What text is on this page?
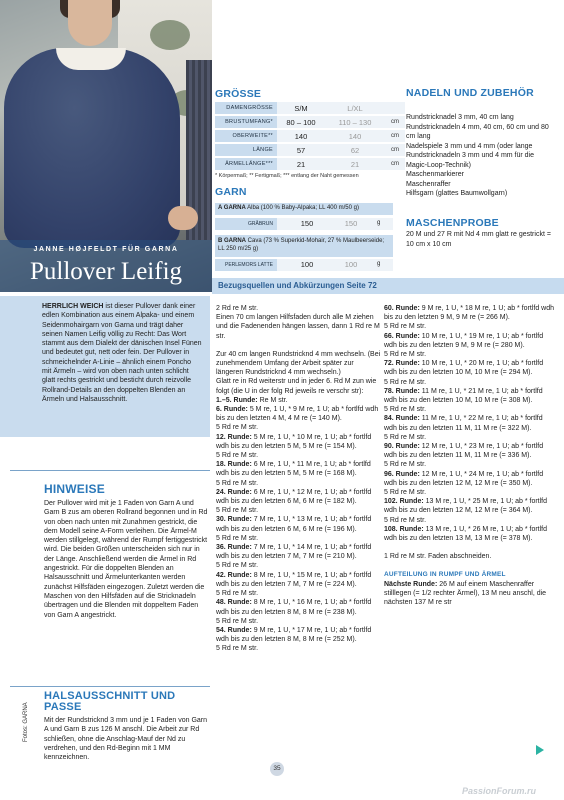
JANNE HØJFELDT FÜR GARNA
Pullover Leifig
GRÖSSE
DAMENGRÖSSE	S/M	L/XL	
BRUSTUMFANG*	80 – 100	110 – 130	cm
OBERWEITE**	140	140	cm
LÄNGE	57	62	cm
ÄRMELLÄNGE***	21	21	cm
* Körpermaß; ** Fertigmaß; *** entlang der Naht gemessen
GARN
A GARNA Alba (100 % Baby-Alpaka; LL 400 m/50 g)
GRÅBRUN	150	150	g
B GARNA Cava (73 % Superkid-Mohair, 27 % Maulbeerseide; LL 250 m/25 g)
PERLEMORS LATTE	100	100	g
Bezugsquellen und Abkürzungen Seite 72
NADELN UND ZUBEHÖR
Rundstricknadel 3 mm, 40 cm lang
Rundstricknadeln 4 mm, 40 cm, 60 cm und 80 cm lang
Nadelspiele 3 mm und 4 mm (oder lange Rundstricknadeln 3 mm und 4 mm für die Magic-Loop-Technik)
Maschenmarkierer
Maschenraffer
Hilfsgarn (glattes Baumwollgarn)
MASCHENPROBE
20 M und 27 R mit Nd 4 mm glatt re gestrickt = 10 cm x 10 cm
HERRLICH WEICH ist dieser Pullover dank einer edlen Kombination aus einem Alpaka- und einem Seidenmohairgarn von Garna und trägt daher seinen Namen Leifig völlig zu Recht: Das Wort stammt aus dem Dialekt der dänischen Insel Fünen und bedeutet gut, nett oder fein. Der Pullover in schmeichelnder A-Linie – ähnlich einem Poncho mit Ärmeln – wird von oben nach unten schlicht glatt rechts gestrickt und besticht durch reizvolle Rollrand-Details an den doppelten Blenden an Ärmeln und Halsausschnitt.
HINWEISE
Der Pullover wird mit je 1 Faden von Garn A und Garn B zus am oberen Rollrand begonnen und in Rd von oben nach unten mit Zunahmen gestrickt, die dem Modell seine A-Form verleihen. Die Ärmel-M werden stillgelegt, während der Rumpf fertiggestrickt wird. Die beiden Größen unterscheiden sich nur in der Länge. Anschließend werden die Ärmel in Rd angestrickt. Für die doppelten Blenden an Halsausschnitt und Ärmelunterkanten werden zunächst Hilfsfäden eingezogen. Zuletzt werden die Maschen von den Hilfsfäden auf die Stricknadeln übertragen und die Blenden mit doppeltem Faden von Garn A angestrickt.
HALSAUSSCHNITT UND PASSE
Mit der Rundstricknd 3 mm und je 1 Faden von Garn A und Garn B zus 126 M anschl. Die Arbeit zur Rd schließen, ohne die Anschlag-Mauf der Nd zu verdrehen, und den Rd-Beginn mit 1 MM kennzeichnen.
Fotos: GARNA

2 Rd re M str.

Einen 70 cm langen Hilfsfaden durch alle M ziehen und die Fadenenden hängen lassen, dann 1 Rd re M str.

Zur 40 cm langen Rundstricknd 4 mm wechseln. (Bei zunehmendem Umfang der Arbeit später zur längeren Rundstricknd 4 mm wechseln.)

Glatt re in Rd weiterstr und in jeder 6. Rd M zun wie folgt (die U in der folg Rd jeweils re verschr str):

1.–5. Runde: Re M str.

6. Runde: 5 M re, 1 U, * 9 M re, 1 U; ab * fortlfd wdh bis zu den letzten 4 M, 4 M re (= 140 M).

5 Rd re M str.

12. Runde: 5 M re, 1 U, * 10 M re, 1 U; ab * fortlfd wdh bis zu den letzten 5 M, 5 M re (= 154 M).

5 Rd re M str.

18. Runde: 6 M re, 1 U, * 11 M re, 1 U; ab * fortlfd wdh bis zu den letzten 5 M, 5 M re (= 168 M).

5 Rd re M str.

24. Runde: 6 M re, 1 U, * 12 M re, 1 U; ab * fortlfd wdh bis zu den letzten 6 M, 6 M re (= 182 M).

5 Rd re M str.

30. Runde: 7 M re, 1 U, * 13 M re, 1 U; ab * fortlfd wdh bis zu den letzten 6 M, 6 M re (= 196 M).

5 Rd re M str.

36. Runde: 7 M re, 1 U, * 14 M re, 1 U; ab * fortlfd wdh bis zu den letzten 7 M, 7 M re (= 210 M).

5 Rd re M str.

42. Runde: 8 M re, 1 U, * 15 M re, 1 U; ab * fortlfd wdh bis zu den letzten 7 M, 7 M re (= 224 M).

5 Rd re M str.

48. Runde: 8 M re, 1 U, * 16 M re, 1 U; ab * fortlfd wdh bis zu den letzten 8 M, 8 M re (= 238 M).

5 Rd re M str.

54. Runde: 9 M re, 1 U, * 17 M re, 1 U; ab * fortlfd wdh bis zu den letzten 8 M, 8 M re (= 252 M).

5 Rd re M str.

60. Runde: 9 M re, 1 U, * 18 M re, 1 U; ab * fortlfd wdh bis zu den letzten 9 M, 9 M re (= 266 M).

5 Rd re M str.

66. Runde: 10 M re, 1 U, * 19 M re, 1 U; ab * fortlfd wdh bis zu den letzten 9 M, 9 M re (= 280 M).

5 Rd re M str.

72. Runde: 10 M re, 1 U, * 20 M re, 1 U; ab * fortlfd wdh bis zu den letzten 10 M, 10 M re (= 294 M).

5 Rd re M str.

78. Runde: 11 M re, 1 U, * 21 M re, 1 U; ab * fortlfd wdh bis zu den letzten 10 M, 10 M re (= 308 M).

5 Rd re M str.

84. Runde: 11 M re, 1 U, * 22 M re, 1 U; ab * fortlfd wdh bis zu den letzten 11 M, 11 M re (= 322 M).

5 Rd re M str.

90. Runde: 12 M re, 1 U, * 23 M re, 1 U; ab * fortlfd wdh bis zu den letzten 11 M, 11 M re (= 336 M).

5 Rd re M str.

96. Runde: 12 M re, 1 U, * 24 M re, 1 U; ab * fortlfd wdh bis zu den letzten 12 M, 12 M re (= 350 M).

5 Rd re M str.

102. Runde: 13 M re, 1 U, * 25 M re, 1 U; ab * fortlfd wdh bis zu den letzten 12 M, 12 M re (= 364 M).

5 Rd re M str.

108. Runde: 13 M re, 1 U, * 26 M re, 1 U; ab * fortlfd wdh bis zu den letzten 13 M, 13 M re (= 378 M).

1 Rd re M str. Faden abschneiden.

AUFTEILUNG IN RUMPF UND ÄRMEL

Nächste Runde: 26 M auf einem Maschenraffer stilllegen (= 1/2 rechter Ärmel), 13 M neu anschl, die nächsten 137 M re str

35
PassionForum.ru
